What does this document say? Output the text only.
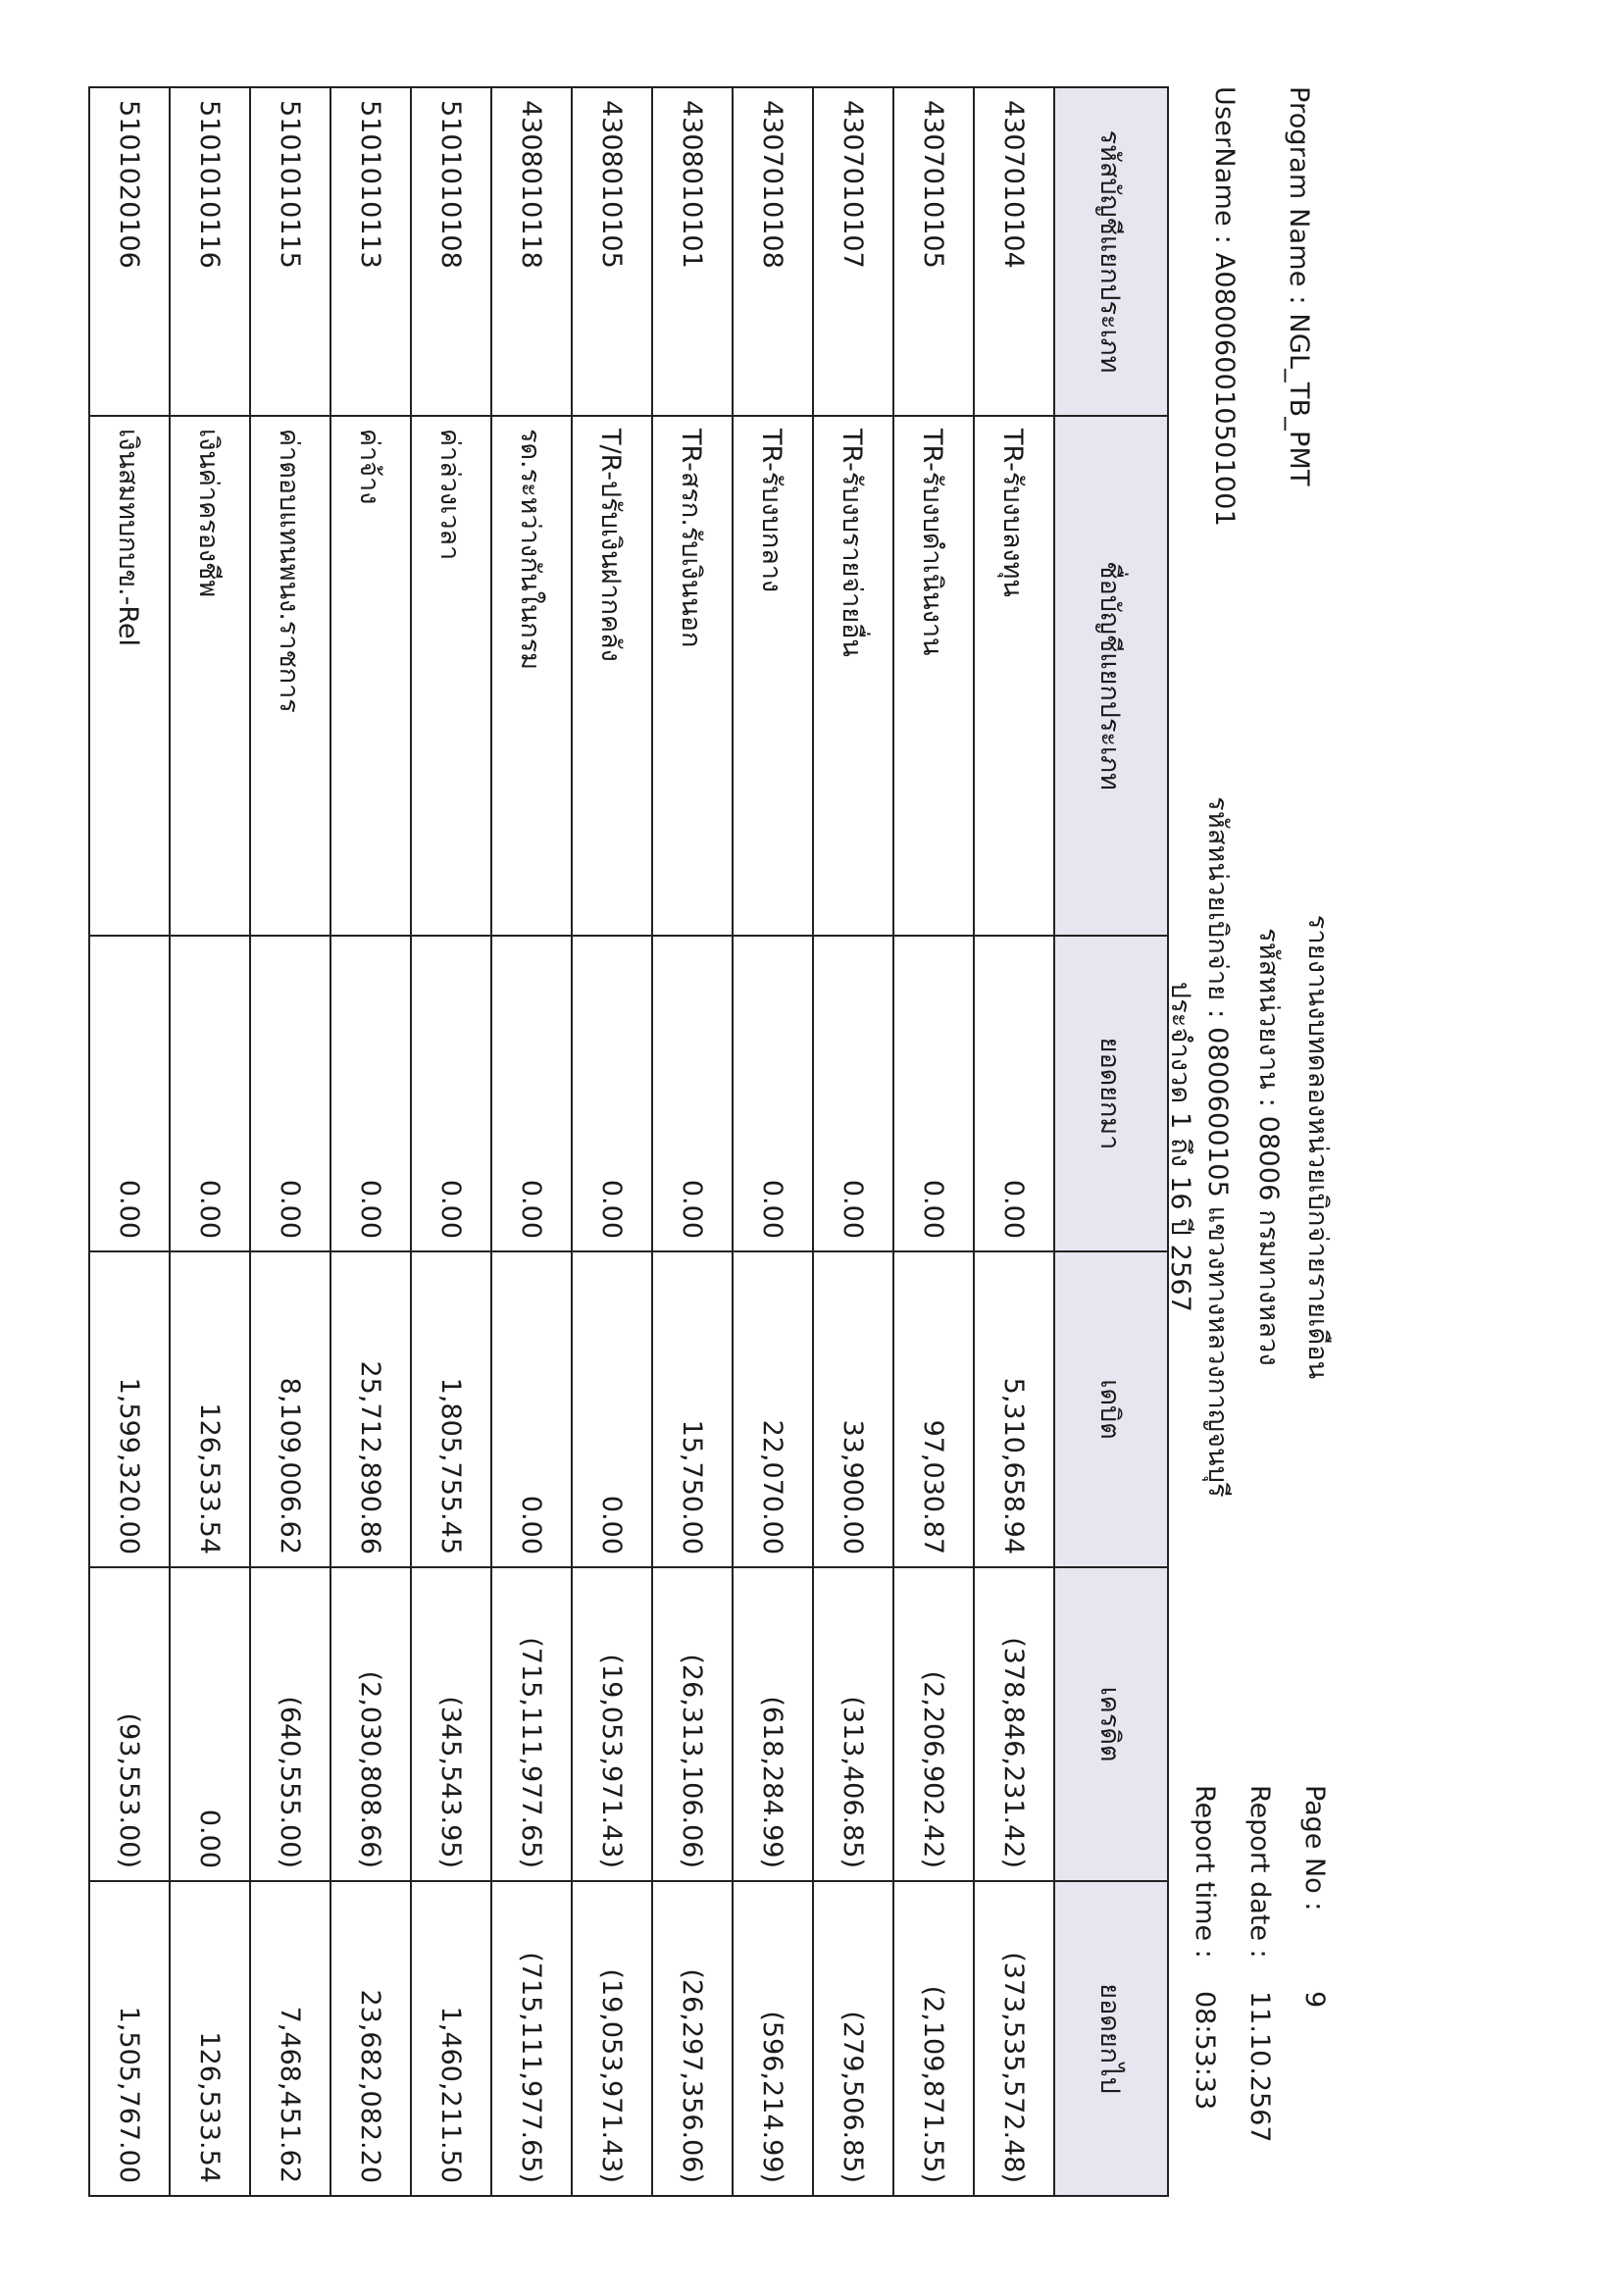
Program Name : NGL_TB_PMT
UserName : A080060010501001
รายงานงบทดลองหน่วยเบิกจ่ายรายเดือน
รหัสหน่วยงาน : 08006 กรมทางหลวง
รหัสหน่วยเบิกจ่าย : 0800600105 แขวงทางหลวงกาญจนบุรี
Page No :
9
Report date :
11.10.2567
Report time :
08:53:33
รหัสบัญชีแยกประเภท	ชื่อบัญชีแยกประเภท	ยอดยกมา	เดบิต	เครดิต	ยอดยกไป
4307010104	TR-รับงบลงทุน	0.00	5,310,658.94	(378,846,231.42)	(373,535,572.48)
4307010105	TR-รับงบดำเนินงาน	0.00	97,030.87	(2,206,902.42)	(2,109,871.55)
4307010107	TR-รับงบรายจ่ายอื่น	0.00	33,900.00	(313,406.85)	(279,506.85)
4307010108	TR-รับงบกลาง	0.00	22,070.00	(618,284.99)	(596,214.99)
4308010101	TR-สรก.รับเงินนอก	0.00	15,750.00	(26,313,106.06)	(26,297,356.06)
4308010105	T/R-ปรับเงินฝากคลัง	0.00	0.00	(19,053,971.43)	(19,053,971.43)
4308010118	รด.ระหว่างกันในกรม	0.00	0.00	(715,111,977.65)	(715,111,977.65)
5101010108	ค่าล่วงเวลา	0.00	1,805,755.45	(345,543.95)	1,460,211.50
5101010113	ค่าจ้าง	0.00	25,712,890.86	(2,030,808.66)	23,682,082.20
5101010115	ค่าตอบแทนพนง.ราชการ	0.00	8,109,006.62	(640,555.00)	7,468,451.62
5101010116	เงินค่าครองชีพ	0.00	126,533.54	0.00	126,533.54
5101020106	เงินสมทบกบข.-Rel	0.00	1,599,320.00	(93,553.00)	1,505,767.00
ประจำงวด 1 ถึง 16 ปี 2567
